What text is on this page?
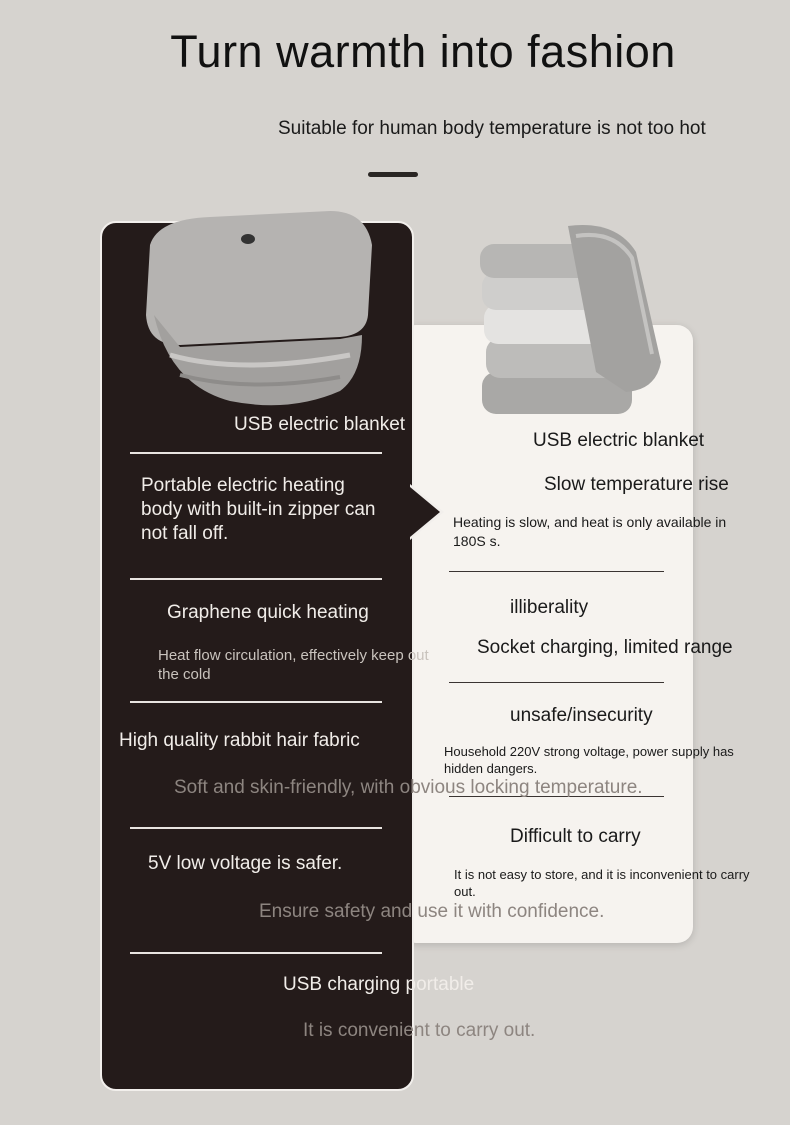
Turn warmth into fashion
Suitable for human body temperature is not too hot
USB electric blanket
Slow temperature rise
Heating is slow, and heat is only available in 180S s.
illiberality
Socket charging, limited range
unsafe/insecurity
Household 220V strong voltage, power supply has hidden dangers.
Difficult to carry
It is not easy to store, and it is inconvenient to carry out.
USB electric blanket
Portable electric heating body with built-in zipper can not fall off.
Graphene quick heating
Heat flow circulation, effectively keep out the cold
High quality rabbit hair fabric
Soft and skin-friendly, with obvious locking temperature.
5V low voltage is safer.
Ensure safety and use it with confidence.
USB charging portable
It is convenient to carry out.
